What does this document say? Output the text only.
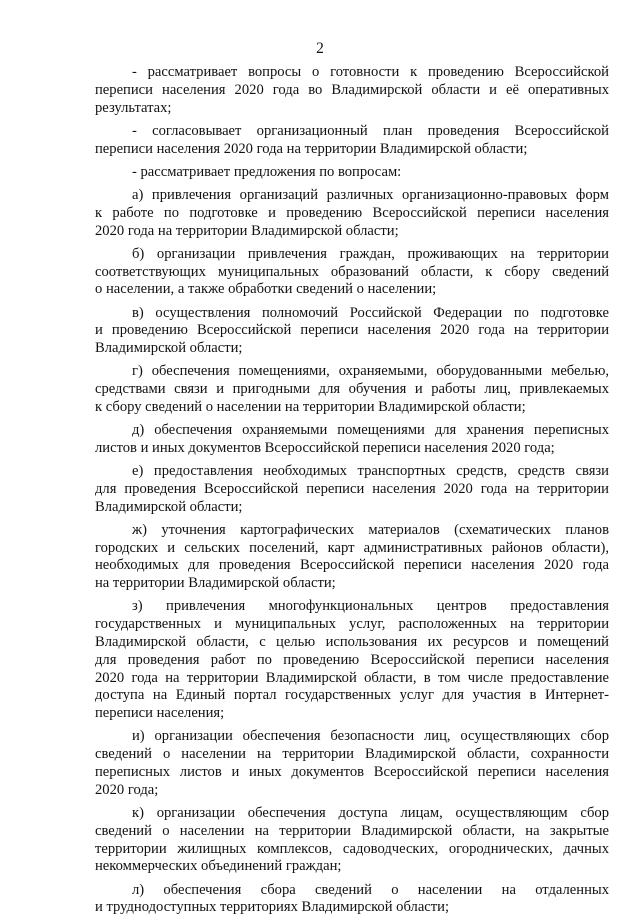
2
- рассматривает вопросы о готовности к проведению Всероссийской
переписи населения 2020 года во Владимирской области и её оперативных
результатах;
- согласовывает организационный план проведения Всероссийской
переписи населения 2020 года на территории Владимирской области;
- рассматривает предложения по вопросам:
а) привлечения организаций различных организационно-правовых форм
к работе по подготовке и проведению Всероссийской переписи населения
2020 года на территории Владимирской области;
б) организации привлечения граждан, проживающих на территории
соответствующих муниципальных образований области, к сбору сведений
о населении, а также обработки сведений о населении;
в) осуществления полномочий Российской Федерации по подготовке
и проведению Всероссийской переписи населения 2020 года на территории
Владимирской области;
г) обеспечения помещениями, охраняемыми, оборудованными мебелью,
средствами связи и пригодными для обучения и работы лиц, привлекаемых
к сбору сведений о населении на территории Владимирской области;
д) обеспечения охраняемыми помещениями для хранения переписных
листов и иных документов Всероссийской переписи населения 2020 года;
е) предоставления необходимых транспортных средств, средств связи
для проведения Всероссийской переписи населения 2020 года на территории
Владимирской области;
ж) уточнения картографических материалов (схематических планов
городских и сельских поселений, карт административных районов области),
необходимых для проведения Всероссийской переписи населения 2020 года
на территории Владимирской области;
з) привлечения многофункциональных центров предоставления
государственных и муниципальных услуг, расположенных на территории
Владимирской области, с целью использования их ресурсов и помещений
для проведения работ по проведению Всероссийской переписи населения
2020 года на территории Владимирской области, в том числе предоставление
доступа на Единый портал государственных услуг для участия в Интернет-
переписи населения;
и) организации обеспечения безопасности лиц, осуществляющих сбор
сведений о населении на территории Владимирской области, сохранности
переписных листов и иных документов Всероссийской переписи населения
2020 года;
к) организации обеспечения доступа лицам, осуществляющим сбор
сведений о населении на территории Владимирской области, на закрытые
территории жилищных комплексов, садоводческих, огороднических, дачных
некоммерческих объединений граждан;
л) обеспечения сбора сведений о населении на отдаленных
и труднодоступных территориях Владимирской области;
